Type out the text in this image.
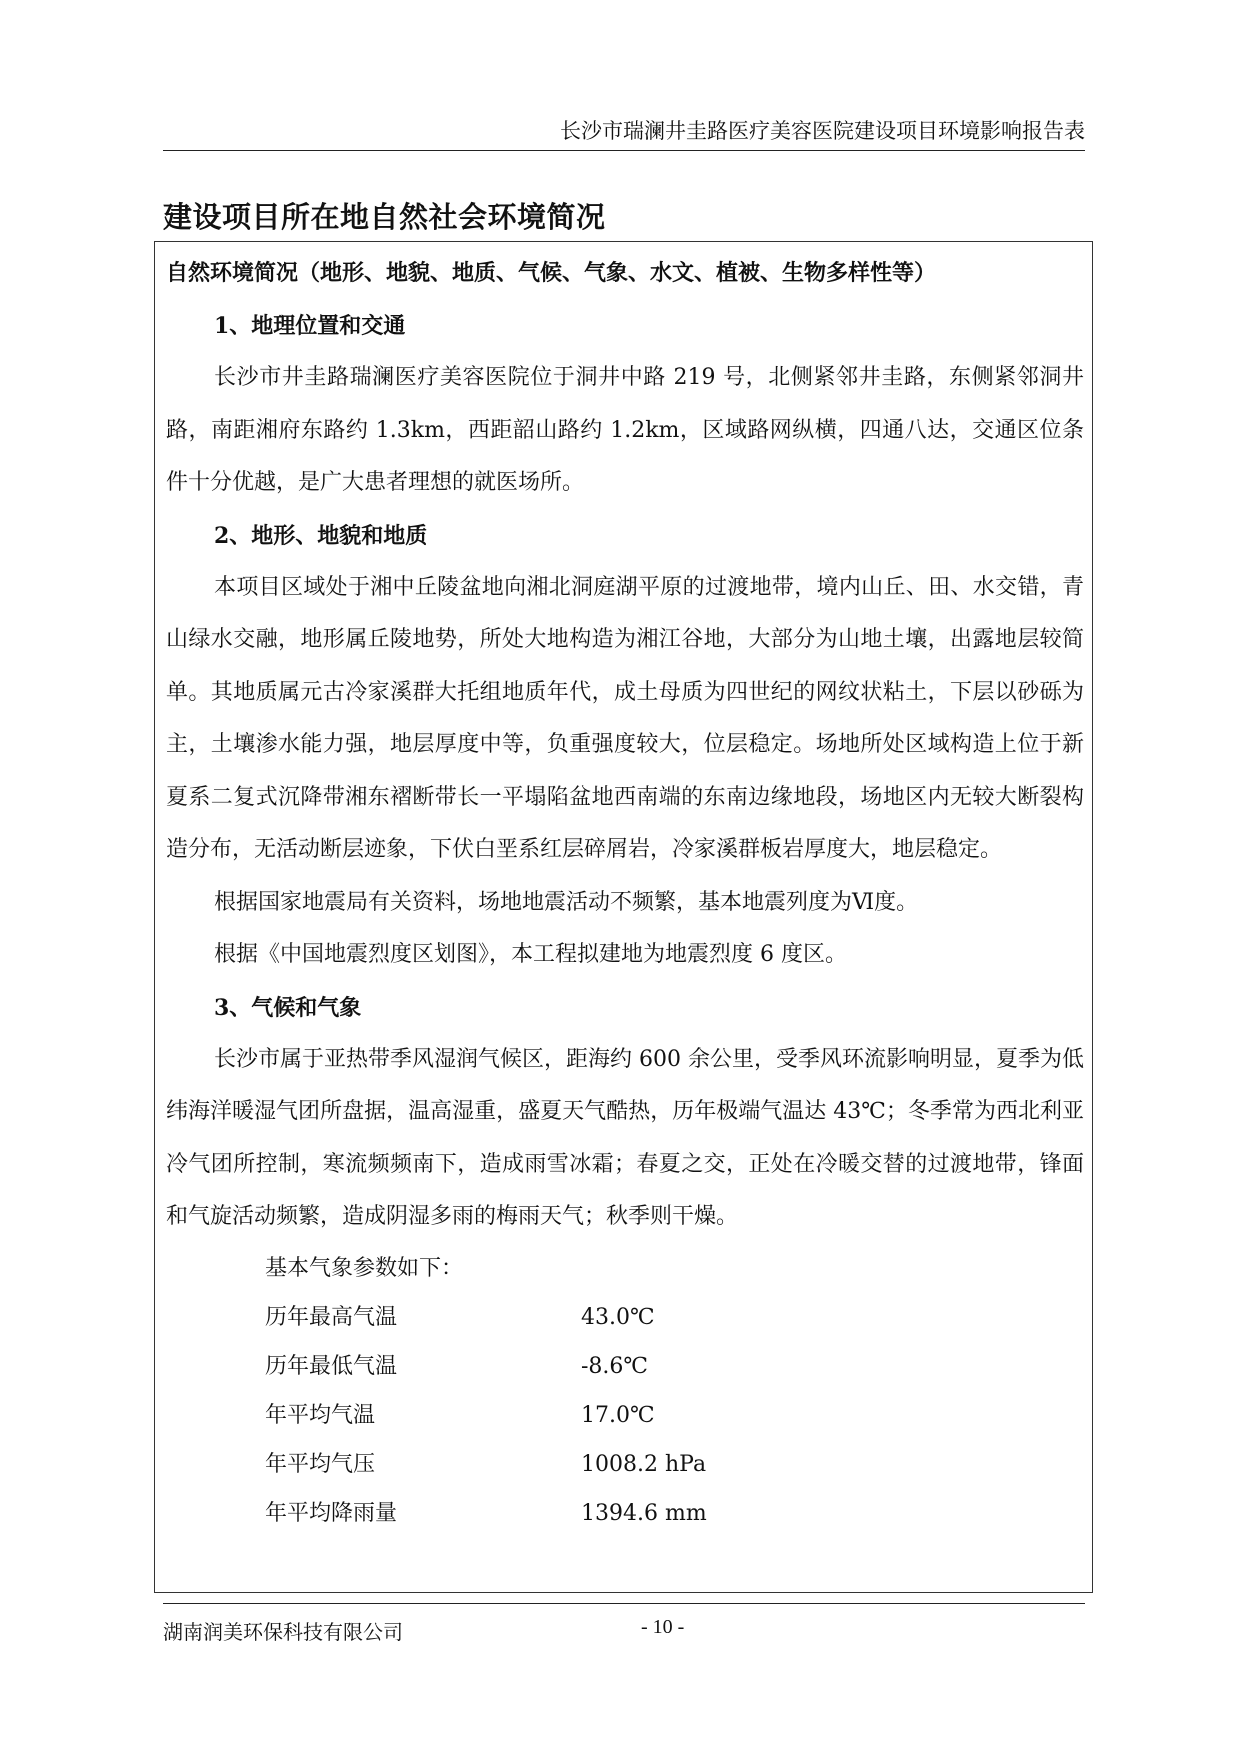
长沙市瑞澜井圭路医疗美容医院建设项目环境影响报告表
建设项目所在地自然社会环境简况
自然环境简况（地形、地貌、地质、气候、气象、水文、植被、生物多样性等）

1、地理位置和交通

长沙市井圭路瑞澜医疗美容医院位于洞井中路 219 号，北侧紧邻井圭路，东侧紧邻洞井路，南距湘府东路约 1.3km，西距韶山路约 1.2km，区域路网纵横，四通八达，交通区位条件十分优越，是广大患者理想的就医场所。

2、地形、地貌和地质

本项目区域处于湘中丘陵盆地向湘北洞庭湖平原的过渡地带，境内山丘、田、水交错，青山绿水交融，地形属丘陵地势，所处大地构造为湘江谷地，大部分为山地土壤，出露地层较简单。其地质属元古冷家溪群大托组地质年代，成土母质为四世纪的网纹状粘土，下层以砂砾为主，土壤渗水能力强，地层厚度中等，负重强度较大，位层稳定。场地所处区域构造上位于新夏系二复式沉降带湘东褶断带长一平塌陷盆地西南端的东南边缘地段，场地区内无较大断裂构造分布，无活动断层迹象，下伏白垩系红层碎屑岩，冷家溪群板岩厚度大，地层稳定。

根据国家地震局有关资料，场地地震活动不频繁，基本地震列度为Ⅵ度。

根据《中国地震烈度区划图》，本工程拟建地为地震烈度 6 度区。

3、气候和气象

长沙市属于亚热带季风湿润气候区，距海约 600 余公里，受季风环流影响明显，夏季为低纬海洋暖湿气团所盘据，温高湿重，盛夏天气酷热，历年极端气温达 43℃；冬季常为西北利亚冷气团所控制，寒流频频南下，造成雨雪冰霜；春夏之交，正处在冷暖交替的过渡地带，锋面和气旋活动频繁，造成阴湿多雨的梅雨天气；秋季则干燥。

基本气象参数如下：

历年最高气温	43.0℃
历年最低气温	-8.6℃
年平均气温	17.0℃
年平均气压	1008.2 hPa
年平均降雨量	1394.6 mm
湖南润美环保科技有限公司	- 10 -
